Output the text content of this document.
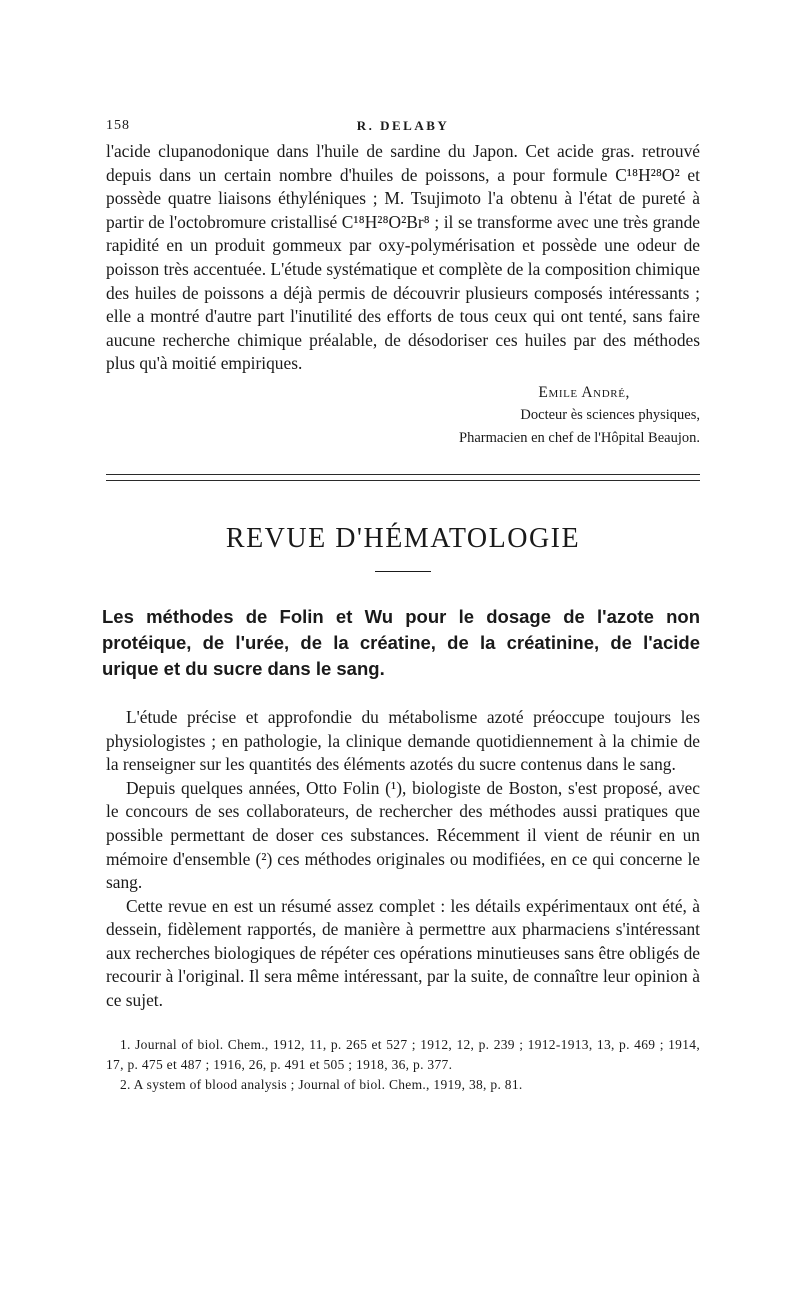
158	R. DELABY

l'acide clupanodonique dans l'huile de sardine du Japon. Cet acide gras. retrouvé depuis dans un certain nombre d'huiles de poissons, a pour formule C¹⁸H²⁸O² et possède quatre liaisons éthyléniques ; M. Tsujimoto l'a obtenu à l'état de pureté à partir de l'octobromure cristallisé C¹⁸H²⁸O²Br⁸ ; il se transforme avec une très grande rapidité en un produit gommeux par oxy-polymérisation et possède une odeur de poisson très accentuée. L'étude systématique et complète de la composition chimique des huiles de poissons a déjà permis de découvrir plusieurs composés intéressants ; elle a montré d'autre part l'inutilité des efforts de tous ceux qui ont tenté, sans faire aucune recherche chimique préalable, de désodoriser ces huiles par des méthodes plus qu'à moitié empiriques.

Emile André,
Docteur ès sciences physiques,
Pharmacien en chef de l'Hôpital Beaujon.
REVUE D'HÉMATOLOGIE
Les méthodes de Folin et Wu pour le dosage de l'azote non protéique, de l'urée, de la créatine, de la créatinine, de l'acide urique et du sucre dans le sang.

L'étude précise et approfondie du métabolisme azoté préoccupe toujours les physiologistes ; en pathologie, la clinique demande quotidiennement à la chimie de la renseigner sur les quantités des éléments azotés du sucre contenus dans le sang.

Depuis quelques années, Otto Folin (¹), biologiste de Boston, s'est proposé, avec le concours de ses collaborateurs, de rechercher des méthodes aussi pratiques que possible permettant de doser ces substances. Récemment il vient de réunir en un mémoire d'ensemble (²) ces méthodes originales ou modifiées, en ce qui concerne le sang.

Cette revue en est un résumé assez complet : les détails expérimentaux ont été, à dessein, fidèlement rapportés, de manière à permettre aux pharmaciens s'intéressant aux recherches biologiques de répéter ces opérations minutieuses sans être obligés de recourir à l'original. Il sera même intéressant, par la suite, de connaître leur opinion à ce sujet.

1. Journal of biol. Chem., 1912, 11, p. 265 et 527 ; 1912, 12, p. 239 ; 1912-1913, 13, p. 469 ; 1914, 17, p. 475 et 487 ; 1916, 26, p. 491 et 505 ; 1918, 36, p. 377.
2. A system of blood analysis ; Journal of biol. Chem., 1919, 38, p. 81.
